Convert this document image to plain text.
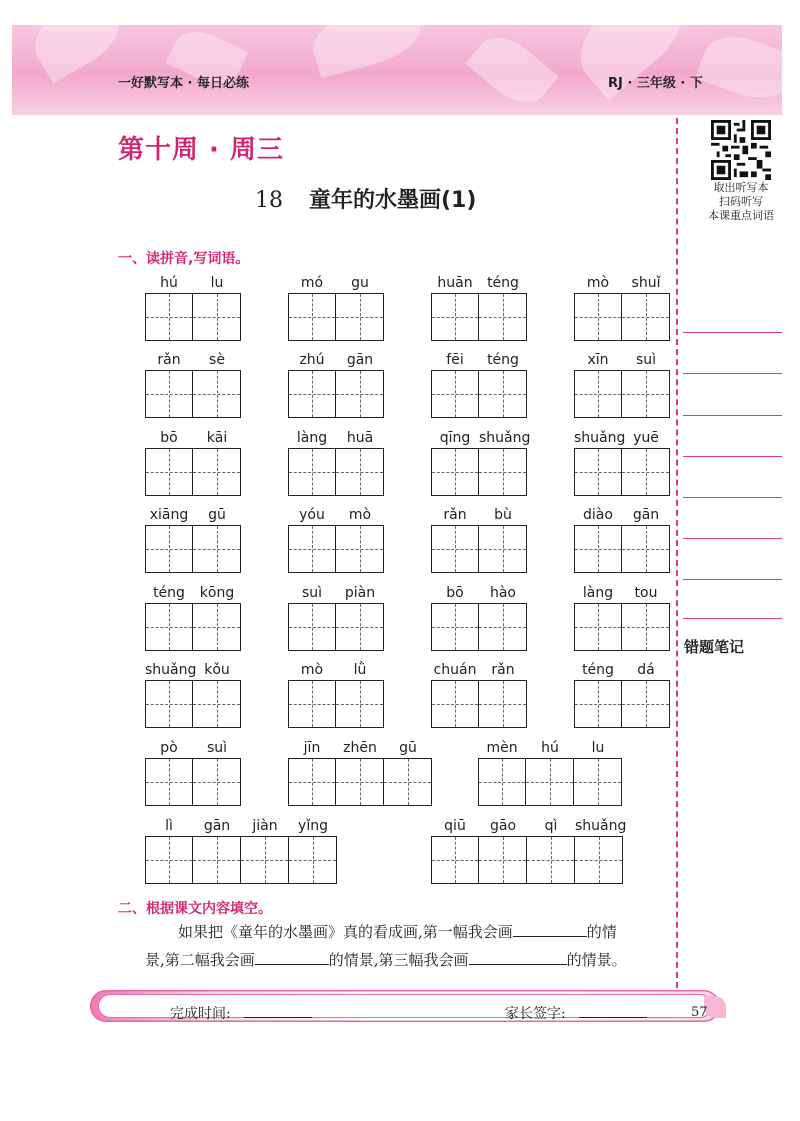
一好默写本 · 每日必练	RJ · 三年级 · 下
取出听写本
扫码听写
本课重点词语
错题笔记
第十周 · 周三
18 童年的水墨画(1)
一、读拼音,写词语。
hú	lu	mó	gu	huān	téng	mò	shuǐ
rǎn	sè	zhú	gān	fēi	téng	xīn	suì
bō	kāi	làng	huā	qīng shuǎng	shuǎng yuē
xiāng	gū	yóu	mò	rǎn	bù	diào	gān
téng	kōng	suì	piàn	bō	hào	làng	tou
shuǎng kǒu	mò	lǜ	chuán	rǎn	téng	dá
pò	suì	jīn	zhēn	gū	mèn	hú	lu
lì	gān	jiàn	yǐng	qiū	gāo	qì	shuǎng
二、根据课文内容填空。
如果把《童年的水墨画》真的看成画,第一幅我会画	的情
景,第二幅我会画	的情景,第三幅我会画	的情景。
完成时间:	家长签字:	57
